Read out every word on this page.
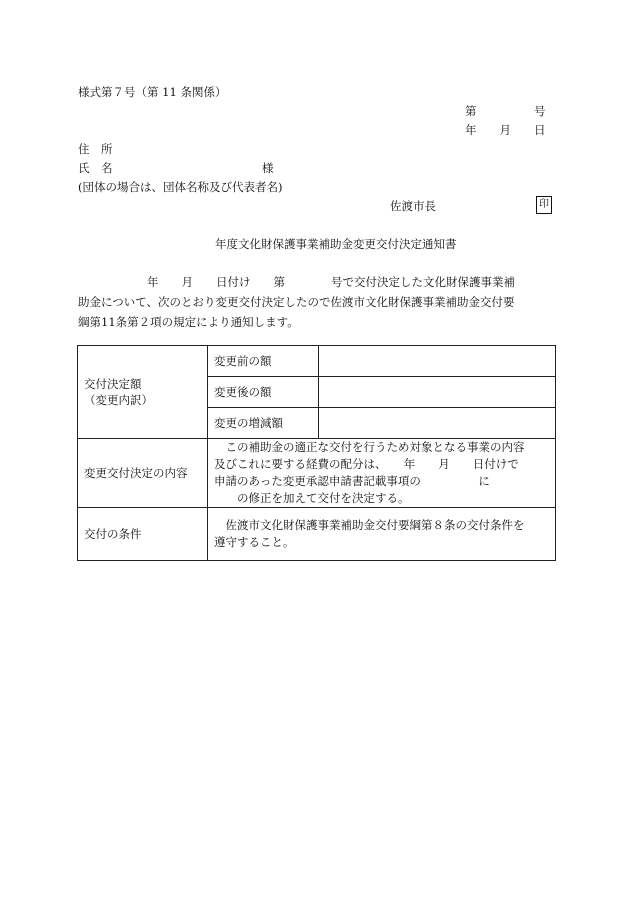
様式第７号（第 11 条関係）
第　　　　　号
年　　月　　日
住　所
氏　名　　　　　　　　　　　　　様
(団体の場合は、団体名称及び代表者名)
佐渡市長	印
年度文化財保護事業補助金変更交付決定通知書
　　　　　　年　　月　　日付け　　第　　　　号で交付決定した文化財保護事業補
助金について、次のとおり変更交付決定したので佐渡市文化財保護事業補助金交付要
綱第11条第２項の規定により通知します。
交付決定額
（変更内訳）	変更前の額	
	変更後の額	
	変更の増減額	
変更交付決定の内容	　この補助金の適正な交付を行うため対象となる事業の内容
及びこれに要する経費の配分は、　　年　　月　　日付けで
申請のあった変更承認申請書記載事項の　　　　　に
　　の修正を加えて交付を決定する。	
交付の条件	　佐渡市文化財保護事業補助金交付要綱第８条の交付条件を
遵守すること。	
